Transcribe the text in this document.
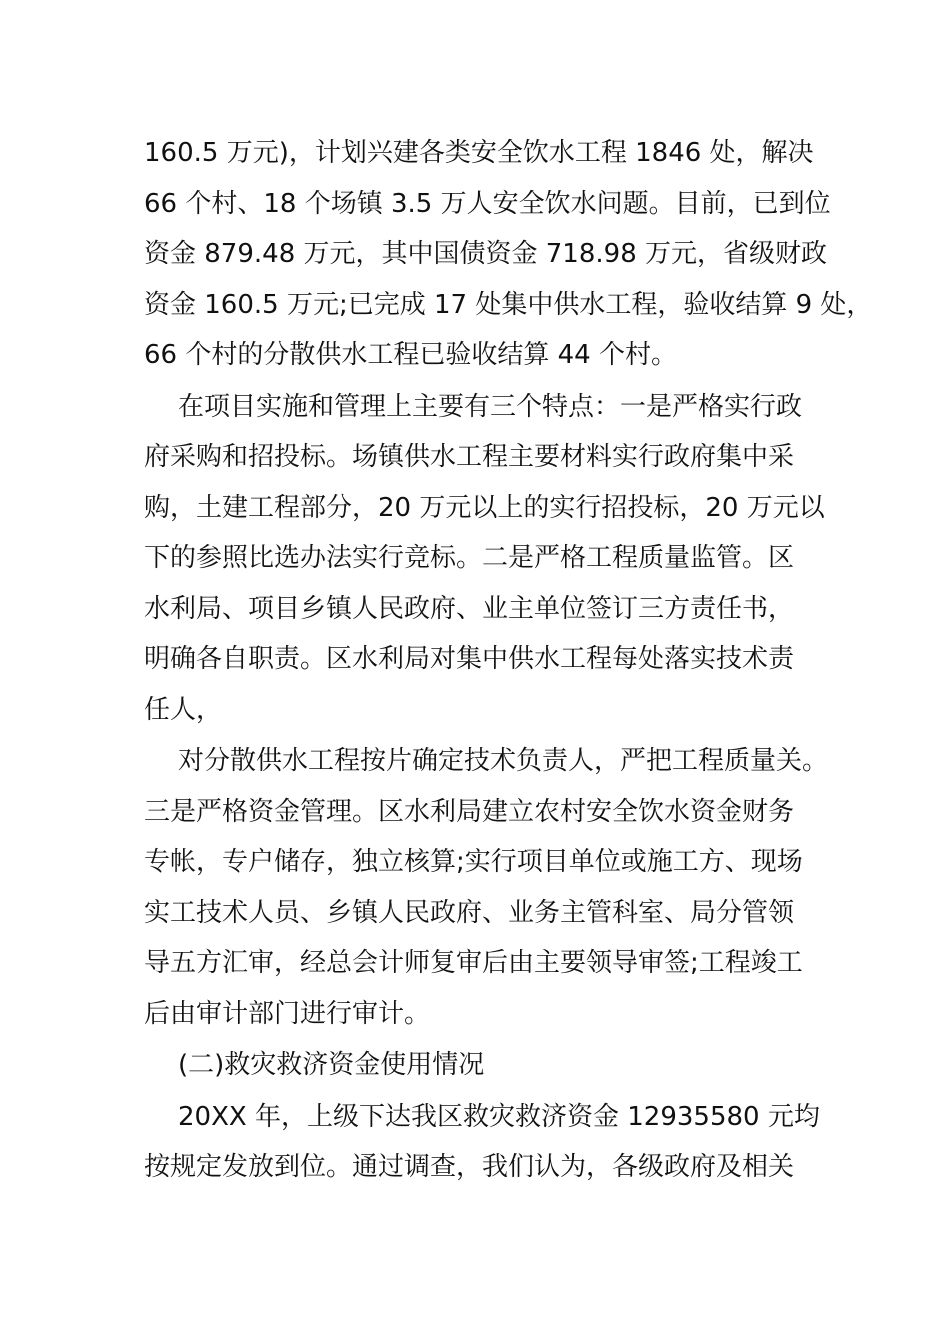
160.5 万元)，计划兴建各类安全饮水工程 1846 处，解决
66 个村、18 个场镇 3.5 万人安全饮水问题。目前，已到位
资金 879.48 万元，其中国债资金 718.98 万元，省级财政
资金 160.5 万元;已完成 17 处集中供水工程，验收结算 9 处，
66 个村的分散供水工程已验收结算 44 个村。
在项目实施和管理上主要有三个特点：一是严格实行政
府采购和招投标。场镇供水工程主要材料实行政府集中采
购，土建工程部分，20 万元以上的实行招投标，20 万元以
下的参照比选办法实行竞标。二是严格工程质量监管。区
水利局、项目乡镇人民政府、业主单位签订三方责任书，
明确各自职责。区水利局对集中供水工程每处落实技术责
任人，
对分散供水工程按片确定技术负责人，严把工程质量关。
三是严格资金管理。区水利局建立农村安全饮水资金财务
专帐，专户储存，独立核算;实行项目单位或施工方、现场
实工技术人员、乡镇人民政府、业务主管科室、局分管领
导五方汇审，经总会计师复审后由主要领导审签;工程竣工
后由审计部门进行审计。
(二)救灾救济资金使用情况
20XX 年，上级下达我区救灾救济资金 12935580 元均
按规定发放到位。通过调查，我们认为，各级政府及相关
